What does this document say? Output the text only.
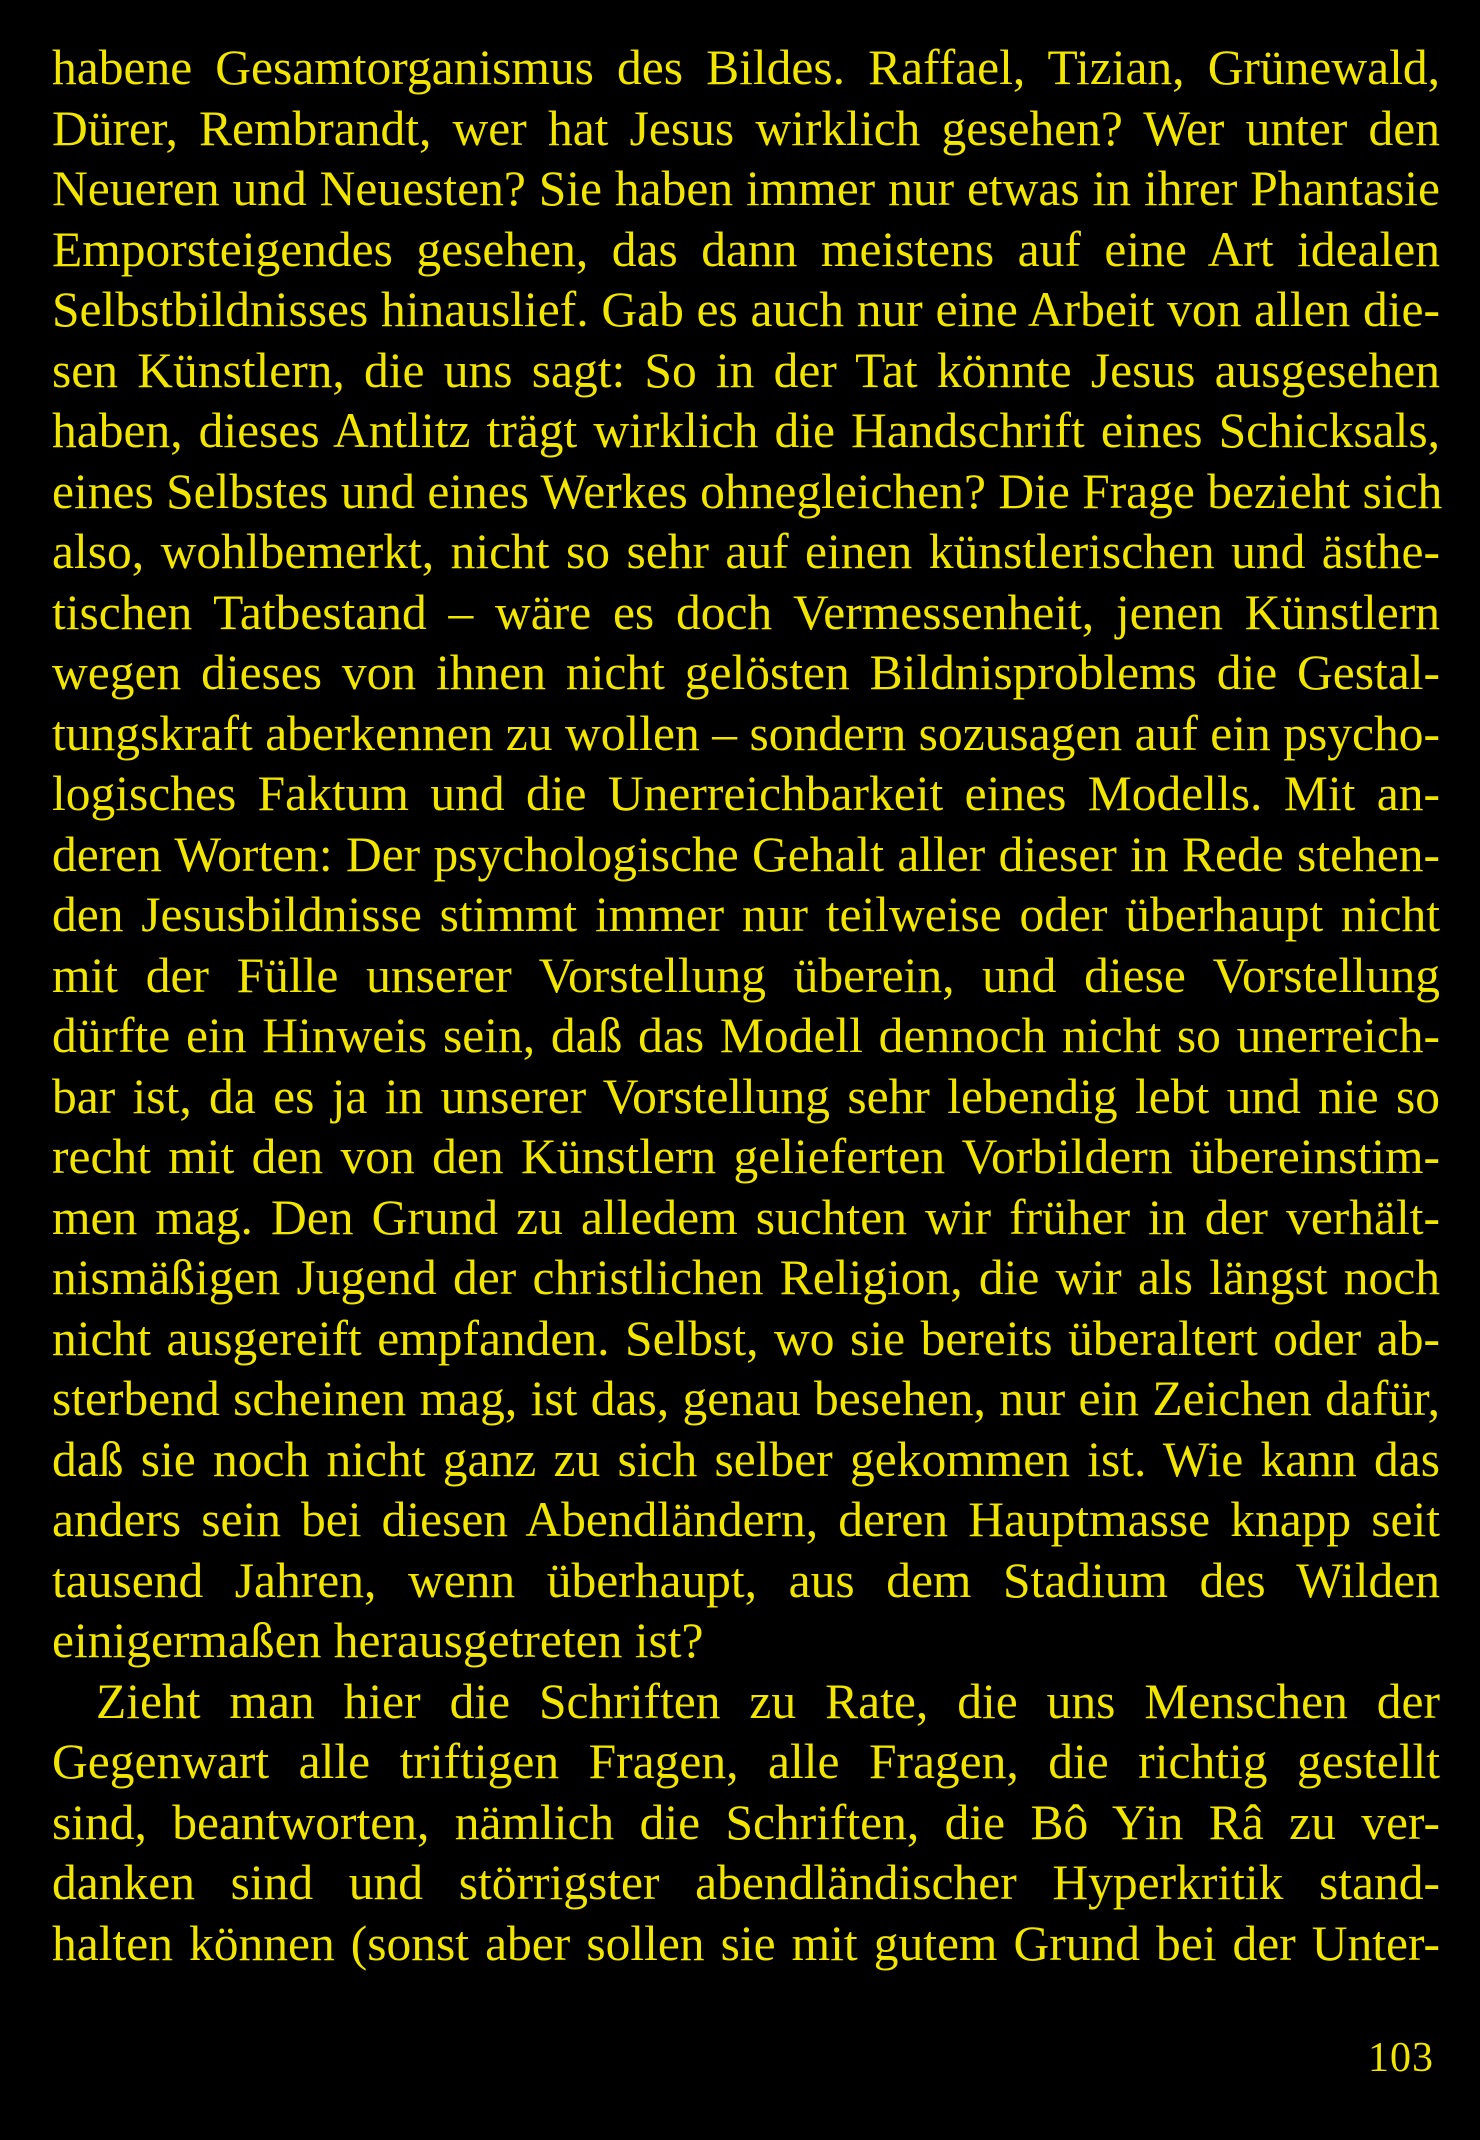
habene Gesamtorganismus des Bildes. Raffael, Tizian, Grünewald,
Dürer, Rembrandt, wer hat Jesus wirklich gesehen? Wer unter den
Neueren und Neuesten? Sie haben immer nur etwas in ihrer Phantasie
Emporsteigendes gesehen, das dann meistens auf eine Art idealen
Selbstbildnisses hinauslief. Gab es auch nur eine Arbeit von allen die-
sen Künstlern, die uns sagt: So in der Tat könnte Jesus ausgesehen
haben, dieses Antlitz trägt wirklich die Handschrift eines Schicksals,
eines Selbstes und eines Werkes ohnegleichen? Die Frage bezieht sich
also, wohlbemerkt, nicht so sehr auf einen künstlerischen und ästhe-
tischen Tatbestand – wäre es doch Vermessenheit, jenen Künstlern
wegen dieses von ihnen nicht gelösten Bildnisproblems die Gestal-
tungskraft aberkennen zu wollen – sondern sozusagen auf ein psycho-
logisches Faktum und die Unerreichbarkeit eines Modells. Mit an-
deren Worten: Der psychologische Gehalt aller dieser in Rede stehen-
den Jesusbildnisse stimmt immer nur teilweise oder überhaupt nicht
mit der Fülle unserer Vorstellung überein, und diese Vorstellung
dürfte ein Hinweis sein, daß das Modell dennoch nicht so unerreich-
bar ist, da es ja in unserer Vorstellung sehr lebendig lebt und nie so
recht mit den von den Künstlern gelieferten Vorbildern übereinstim-
men mag. Den Grund zu alledem suchten wir früher in der verhält-
nismäßigen Jugend der christlichen Religion, die wir als längst noch
nicht ausgereift empfanden. Selbst, wo sie bereits überaltert oder ab-
sterbend scheinen mag, ist das, genau besehen, nur ein Zeichen dafür,
daß sie noch nicht ganz zu sich selber gekommen ist. Wie kann das
anders sein bei diesen Abendländern, deren Hauptmasse knapp seit
tausend Jahren, wenn überhaupt, aus dem Stadium des Wilden
einigermaßen herausgetreten ist?
Zieht man hier die Schriften zu Rate, die uns Menschen der
Gegenwart alle triftigen Fragen, alle Fragen, die richtig gestellt
sind, beantworten, nämlich die Schriften, die Bô Yin Râ zu ver-
danken sind und störrigster abendländischer Hyperkritik stand-
halten können (sonst aber sollen sie mit gutem Grund bei der Unter-
103
